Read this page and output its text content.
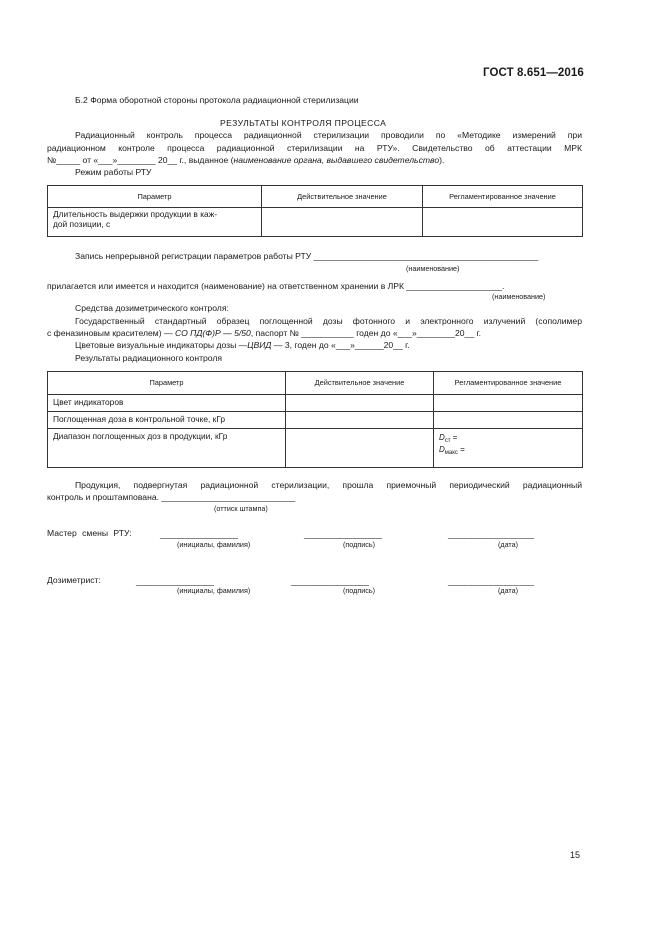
ГОСТ 8.651—2016
Б.2 Форма оборотной стороны протокола радиационной стерилизации
РЕЗУЛЬТАТЫ КОНТРОЛЯ ПРОЦЕССА
Радиационный контроль процесса радиационной стерилизации проводили по «Методике измерений при
радиационном контроле процесса радиационной стерилизации на РТУ». Свидетельство об аттестации МРК
№_____ от «___»________ 20__ г., выданное (наименование органа, выдавшего свидетельство).
Режим работы РТУ
Параметр	Действительное значение	Регламентированное значение

Длительность выдержки продукции в каж-
дой позиции, с		

Запись непрерывной регистрации параметров работы РТУ _______________________________________________
(наименование)
прилагается или имеется и находится (наименование) на ответственном хранении в ЛРК ____________________.
(наименование)
Средства дозиметрического контроля:
Государственный стандартный образец поглощенной дозы фотонного и электронного излучений (сополимер
с феназиновым красителем) — СО ПД(Ф)Р — 5/50, паспорт № ___________ годен до «___»________20__ г.
Цветовые визуальные индикаторы дозы —ЦВИД — 3, годен до «___»______20__ г.
Результаты радиационного контроля
Параметр	Действительное значение	Регламентированное значение
Цвет индикаторов		
Поглощенная доза в контрольной точке, кГр		
Диапазон поглощенных доз в продукции, кГр		$D_{ст}$ =
$D_{макс}$ =
Продукция, подвергнутая радиационной стерилизации, прошла приемочный периодический радиационный
контроль и проштампована. ____________________________
(оттиск штампа)
Мастер смены РТУ:	_________________	_________________	_________________
(инициалы, фамилия)	(подпись)	(дата)
Дозиметрист:	_________________	_________________	_________________
(инициалы, фамилия)	(подпись)	(дата)
15
